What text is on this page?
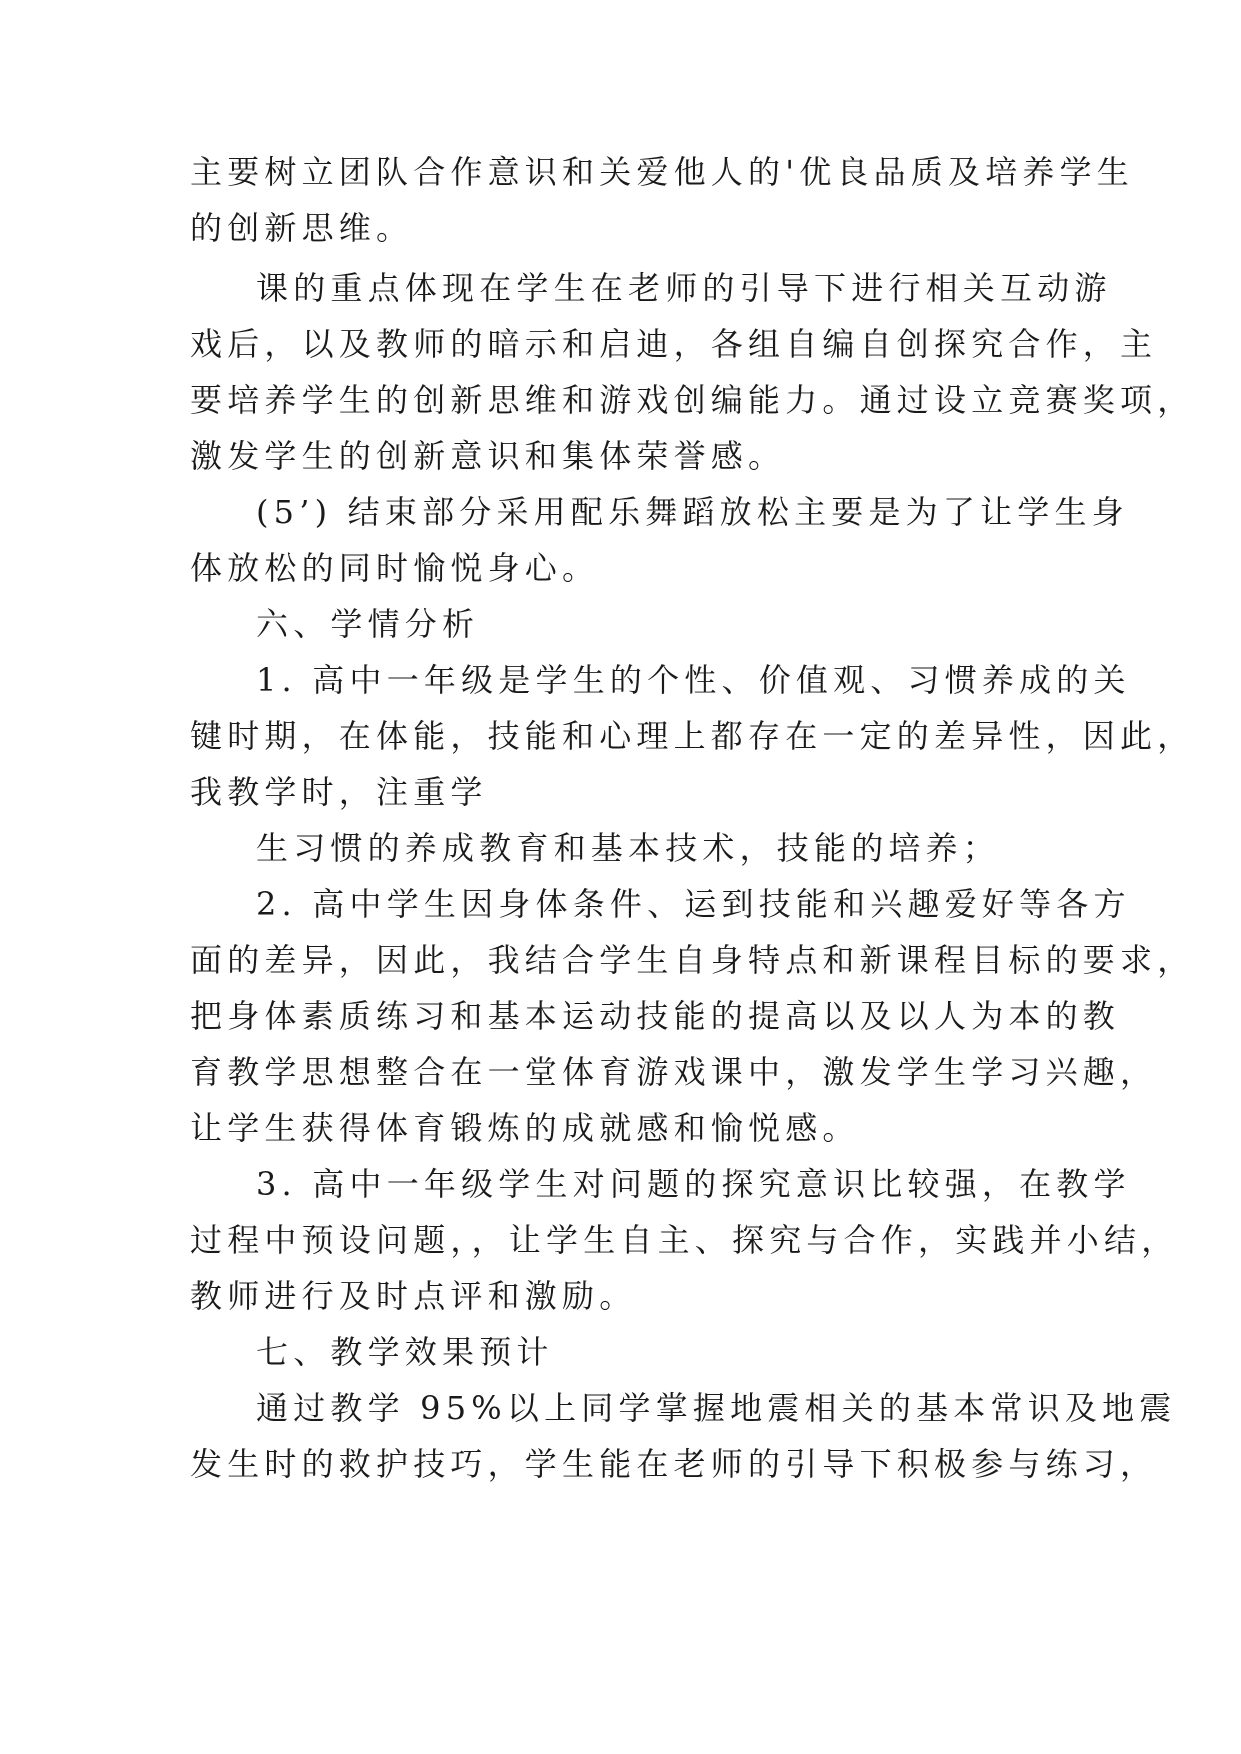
主要树立团队合作意识和关爱他人的'优良品质及培养学生
的创新思维。
课的重点体现在学生在老师的引导下进行相关互动游
戏后，以及教师的暗示和启迪，各组自编自创探究合作，主
要培养学生的创新思维和游戏创编能力。通过设立竞赛奖项，
激发学生的创新意识和集体荣誉感。
(5’) 结束部分采用配乐舞蹈放松主要是为了让学生身
体放松的同时愉悦身心。
六、学情分析
1. 高中一年级是学生的个性、价值观、习惯养成的关
键时期，在体能，技能和心理上都存在一定的差异性，因此，
我教学时，注重学
生习惯的养成教育和基本技术，技能的培养；
2. 高中学生因身体条件、运到技能和兴趣爱好等各方
面的差异，因此，我结合学生自身特点和新课程目标的要求，
把身体素质练习和基本运动技能的提高以及以人为本的教
育教学思想整合在一堂体育游戏课中，激发学生学习兴趣，
让学生获得体育锻炼的成就感和愉悦感。
3. 高中一年级学生对问题的探究意识比较强，在教学
过程中预设问题，，让学生自主、探究与合作，实践并小结，
教师进行及时点评和激励。
七、教学效果预计
通过教学 95%以上同学掌握地震相关的基本常识及地震
发生时的救护技巧，学生能在老师的引导下积极参与练习，
